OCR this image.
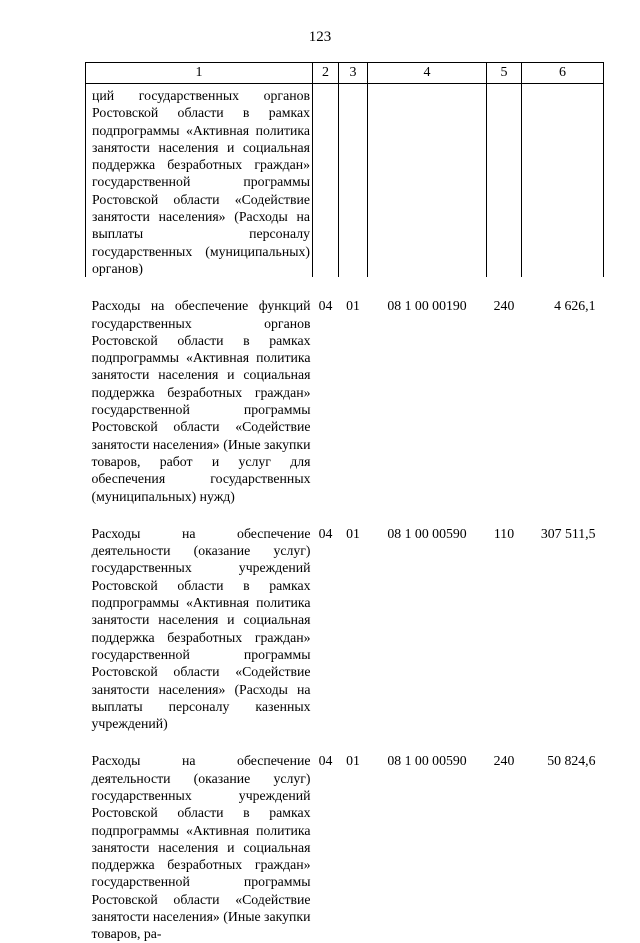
123
1	2	3	4	5	6
ций государственных органов Ростовской области в рамках подпрограммы «Активная политика занятости населения и социальная поддержка безработных граждан» государственной программы Ростовской области «Содействие занятости населения» (Расходы на выплаты персоналу государственных (муниципальных) органов)					
Расходы на обеспечение функций государственных органов Ростовской области в рамках подпрограммы «Активная политика занятости населения и социальная поддержка безработных граждан» государственной программы Ростовской области «Содействие занятости населения» (Иные закупки товаров, работ и услуг для обеспечения государственных (муниципальных) нужд)	04	01	08 1 00 00190	240	4 626,1
Расходы на обеспечение деятельности (оказание услуг) государственных учреждений Ростовской области в рамках подпрограммы «Активная политика занятости населения и социальная поддержка безработных граждан» государственной программы Ростовской области «Содействие занятости населения» (Расходы на выплаты персоналу казенных учреждений)	04	01	08 1 00 00590	110	307 511,5
Расходы на обеспечение деятельности (оказание услуг) государственных учреждений Ростовской области в рамках подпрограммы «Активная политика занятости населения и социальная поддержка безработных граждан» государственной программы Ростовской области «Содействие занятости населения» (Иные закупки товаров, ра-	04	01	08 1 00 00590	240	50 824,6
